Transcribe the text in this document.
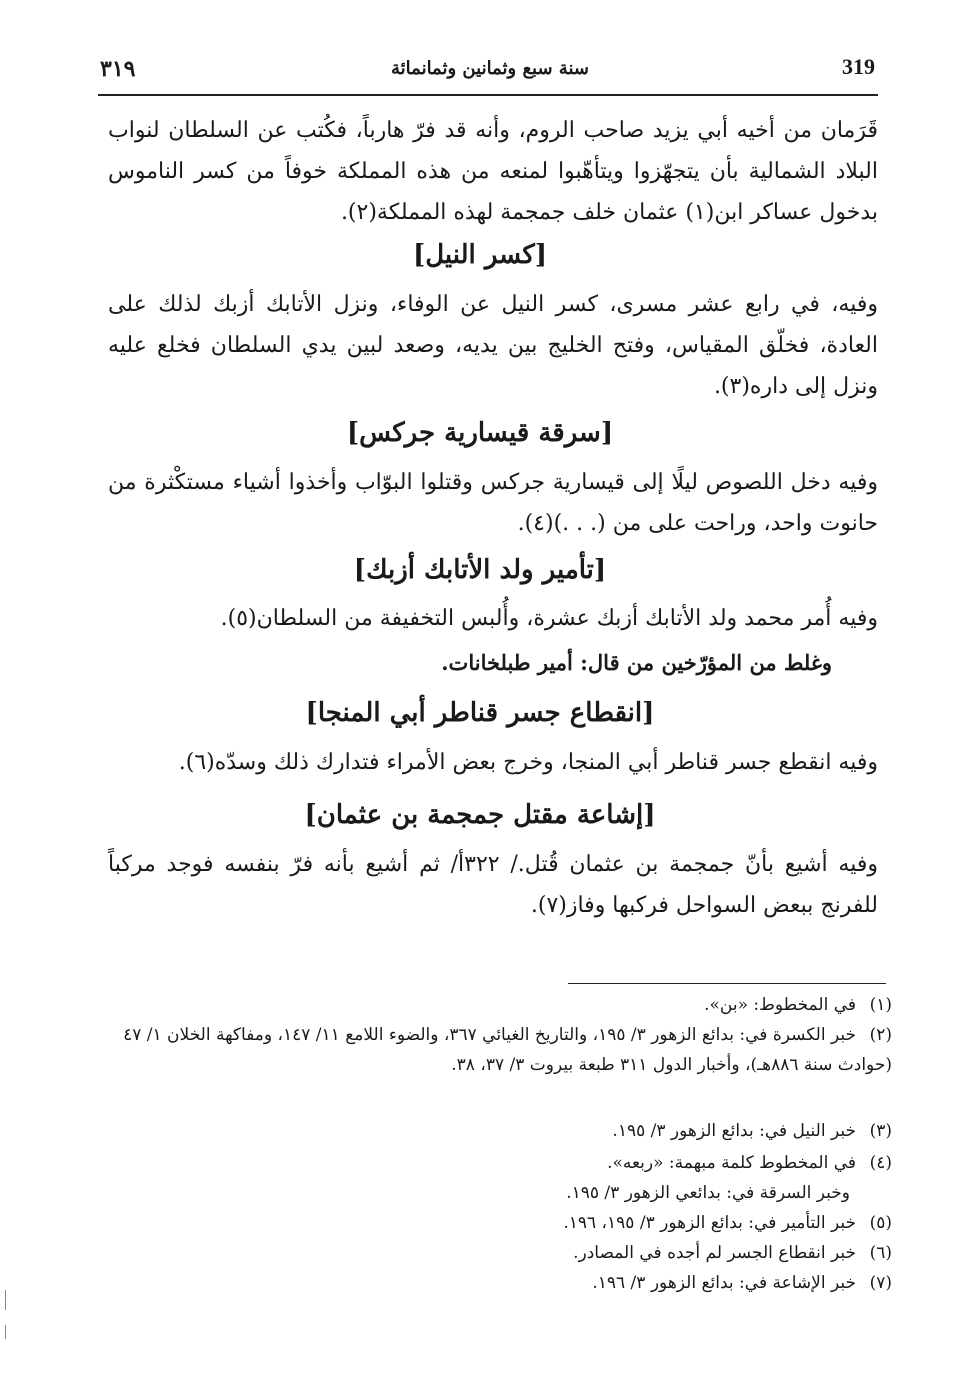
319
سنة سبع وثمانين وثمانمائة
٣١٩
قَرَمان من أخيه أبي يزيد صاحب الروم، وأنه قد فرّ هارباً، فكُتب عن السلطان لنواب البلاد الشمالية بأن يتجهّزوا ويتأهّبوا لمنعه من هذه المملكة خوفاً من كسر الناموس بدخول عساكر ابن(١) عثمان خلف جمجمة لهذه المملكة(٢).
[كسر النيل]
وفيه، في رابع عشر مسرى، كسر النيل عن الوفاء، ونزل الأتابك أزبك لذلك على العادة، فخلّق المقياس، وفتح الخليج بين يديه، وصعد لبين يدي السلطان فخلع عليه ونزل إلى داره(٣).
[سرقة قيسارية جركس]
وفيه دخل اللصوص ليلًا إلى قيسارية جركس وقتلوا البوّاب وأخذوا أشياء مستكْثرة من حانوت واحد، وراحت على من (. . .)(٤).
[تأمير ولد الأتابك أزبك]
وفيه أُمر محمد ولد الأتابك أزبك عشرة، وأُلبس التخفيفة من السلطان(٥).
وغلط من المؤرّخين من قال: أمير طبلخانات.
[انقطاع جسر قناطر أبي المنجا]
وفيه انقطع جسر قناطر أبي المنجا، وخرج بعض الأمراء فتدارك ذلك وسدّه(٦).
[إشاعة مقتل جمجمة بن عثمان]
وفيه أشيع بأنّ جمجمة بن عثمان قُتل./ ٣٢٢أ/ ثم أشيع بأنه فرّ بنفسه فوجد مركباً للفرنج ببعض السواحل فركبها وفاز(٧).
(١)في المخطوط: «بن».
(٢)خبر الكسرة في: بدائع الزهور ٣/ ١٩٥، والتاريخ الغيائي ٣٦٧، والضوء اللامع ١١/ ١٤٧، ومفاكهة الخلان ١/ ٤٧ (حوادث سنة ٨٨٦هـ)، وأخبار الدول ٣١١ طبعة بيروت ٣/ ٣٧، ٣٨.
(٣)خبر النيل في: بدائع الزهور ٣/ ١٩٥.
(٤)في المخطوط كلمة مبهمة: «ربعه».
وخبر السرقة في: بدائعي الزهور ٣/ ١٩٥.
(٥)خبر التأمير في: بدائع الزهور ٣/ ١٩٥، ١٩٦.
(٦)خبر انقطاع الجسر لم أجده في المصادر.
(٧)خبر الإشاعة في: بدائع الزهور ٣/ ١٩٦.
